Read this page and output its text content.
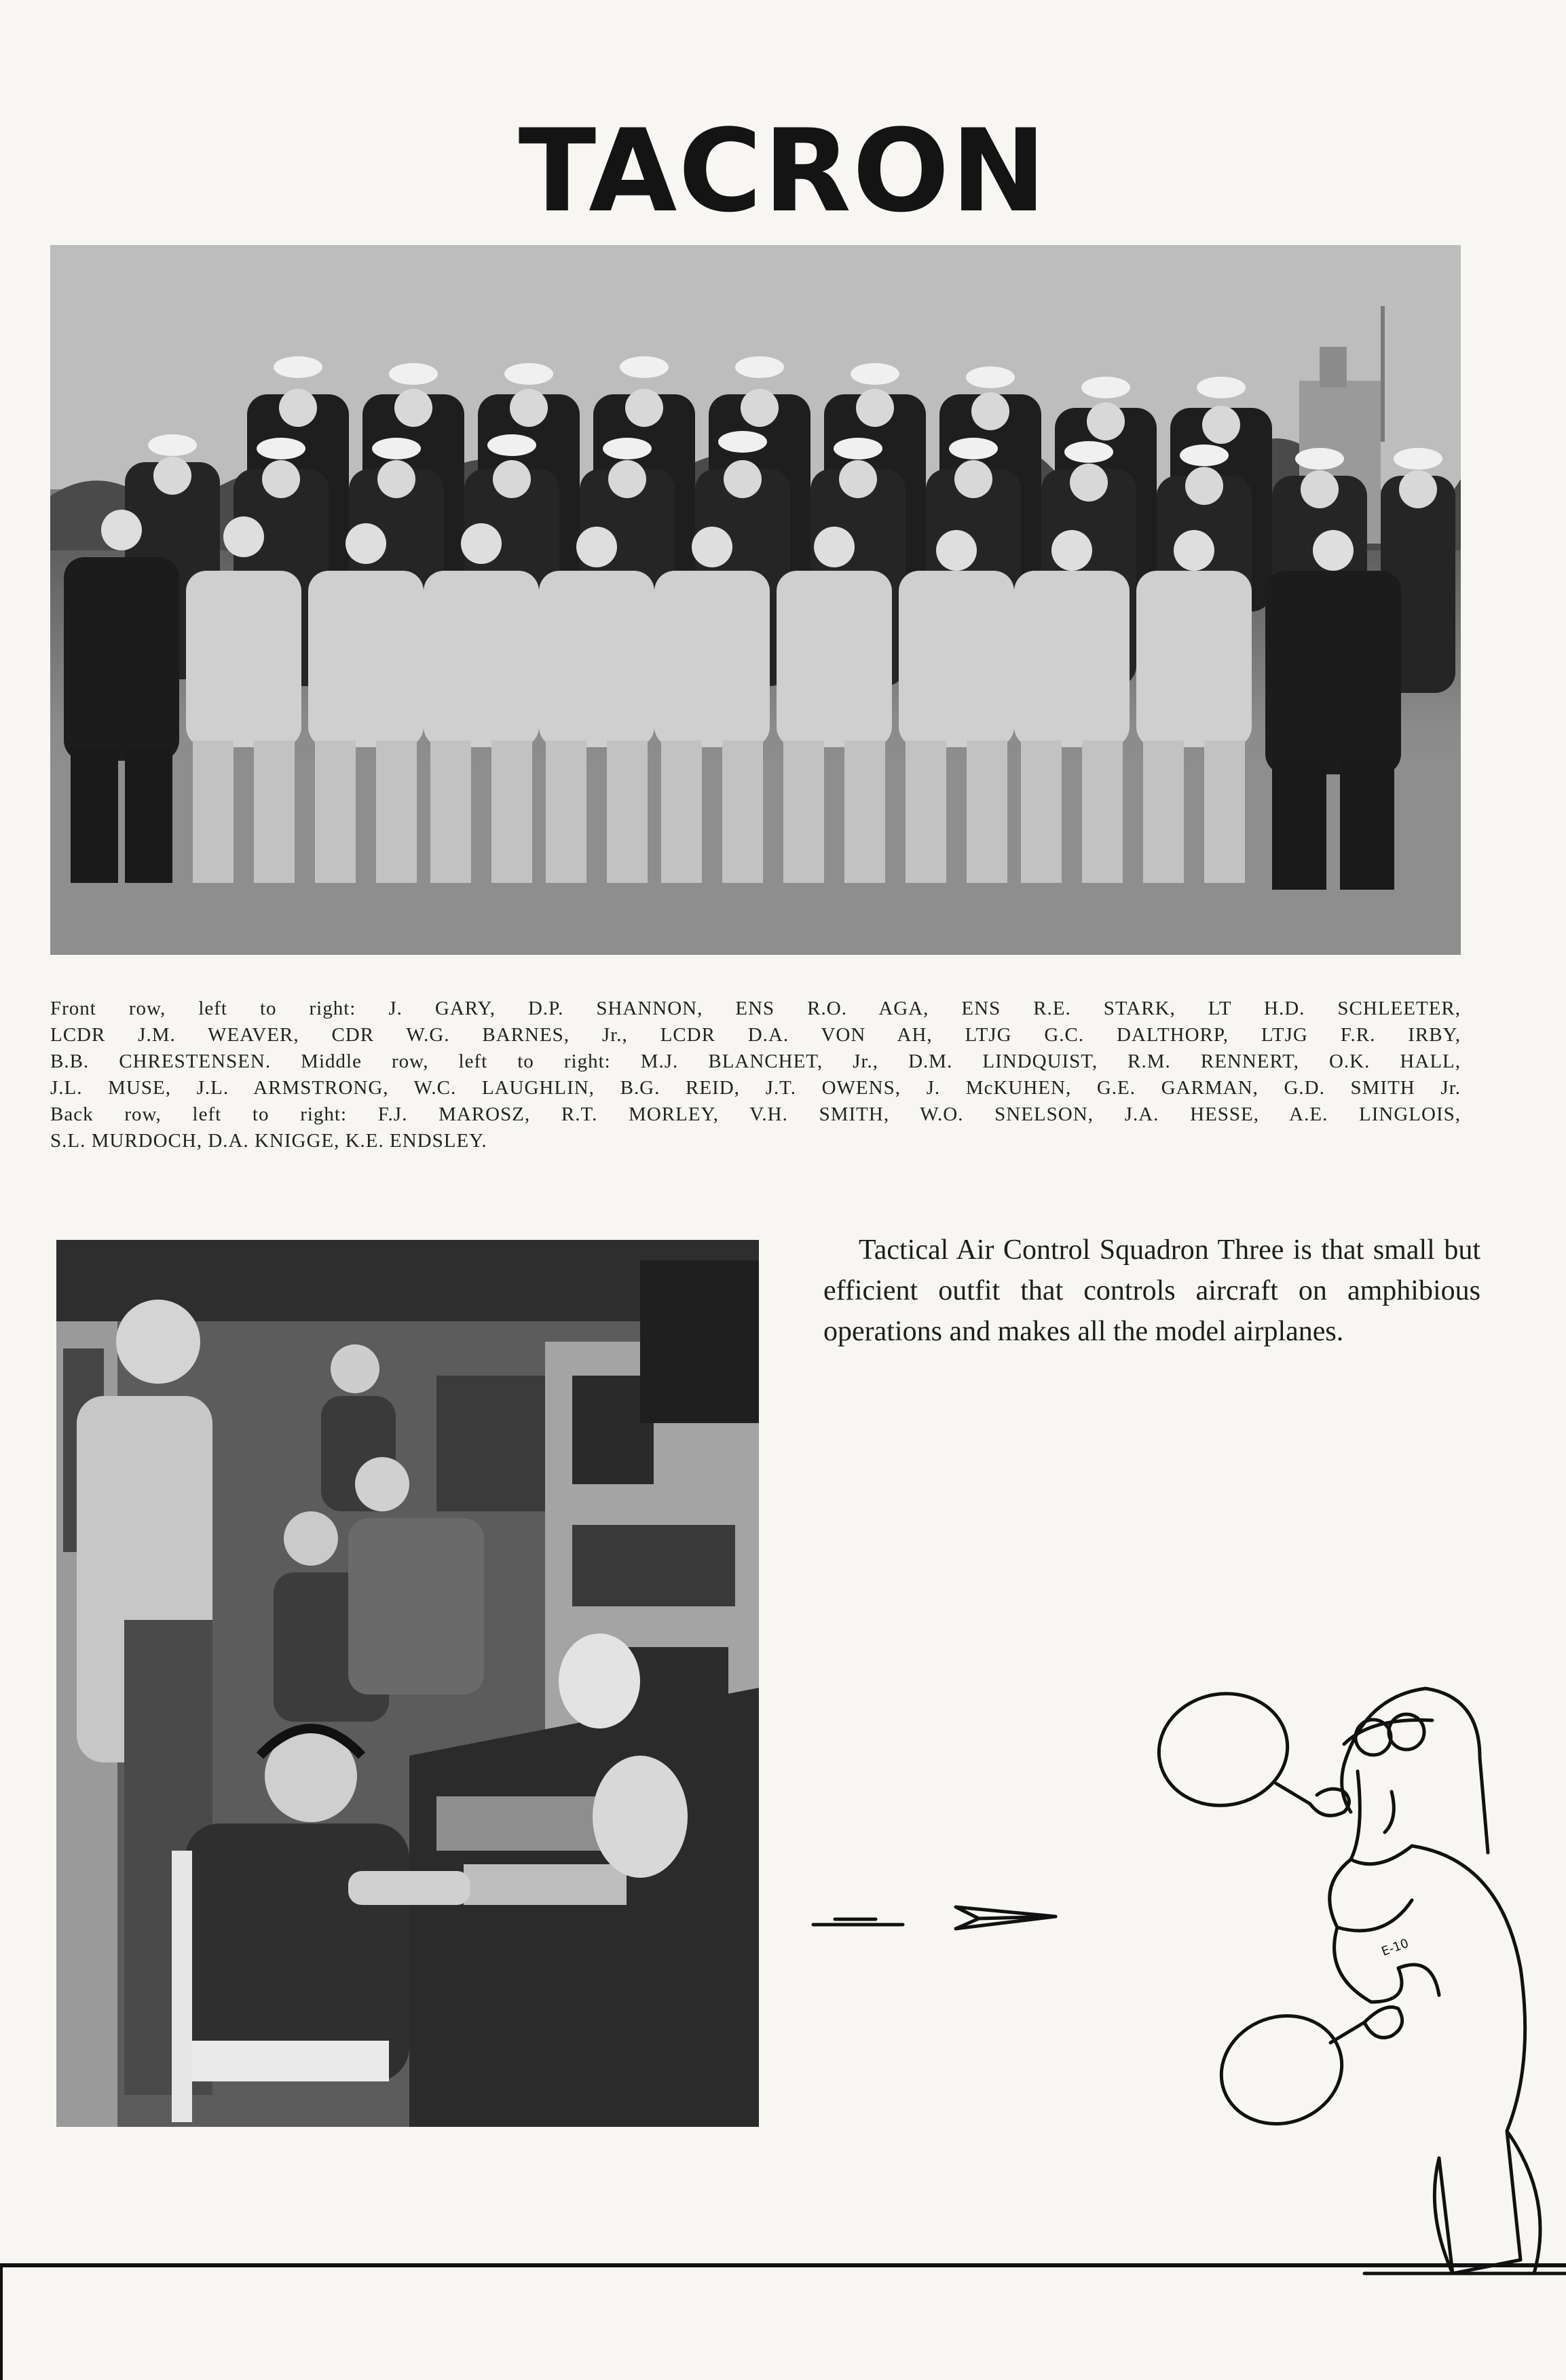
TACRON
Front row, left to right: J. GARY, D.P. SHANNON, ENS R.O. AGA, ENS R.E. STARK, LT H.D. SCHLEETER,
LCDR J.M. WEAVER, CDR W.G. BARNES, Jr., LCDR D.A. VON AH, LTJG G.C. DALTHORP, LTJG F.R. IRBY,
B.B. CHRESTENSEN. Middle row, left to right: M.J. BLANCHET, Jr., D.M. LINDQUIST, R.M. RENNERT, O.K. HALL,
J.L. MUSE, J.L. ARMSTRONG, W.C. LAUGHLIN, B.G. REID, J.T. OWENS, J. McKUHEN, G.E. GARMAN, G.D. SMITH Jr.
Back row, left to right: F.J. MAROSZ, R.T. MORLEY, V.H. SMITH, W.O. SNELSON, J.A. HESSE, A.E. LINGLOIS,
S.L. MURDOCH, D.A. KNIGGE, K.E. ENDSLEY.
Tactical Air Control Squadron Three is that small but efficient outfit that controls aircraft on amphibious operations and makes all the model airplanes.
E-10
